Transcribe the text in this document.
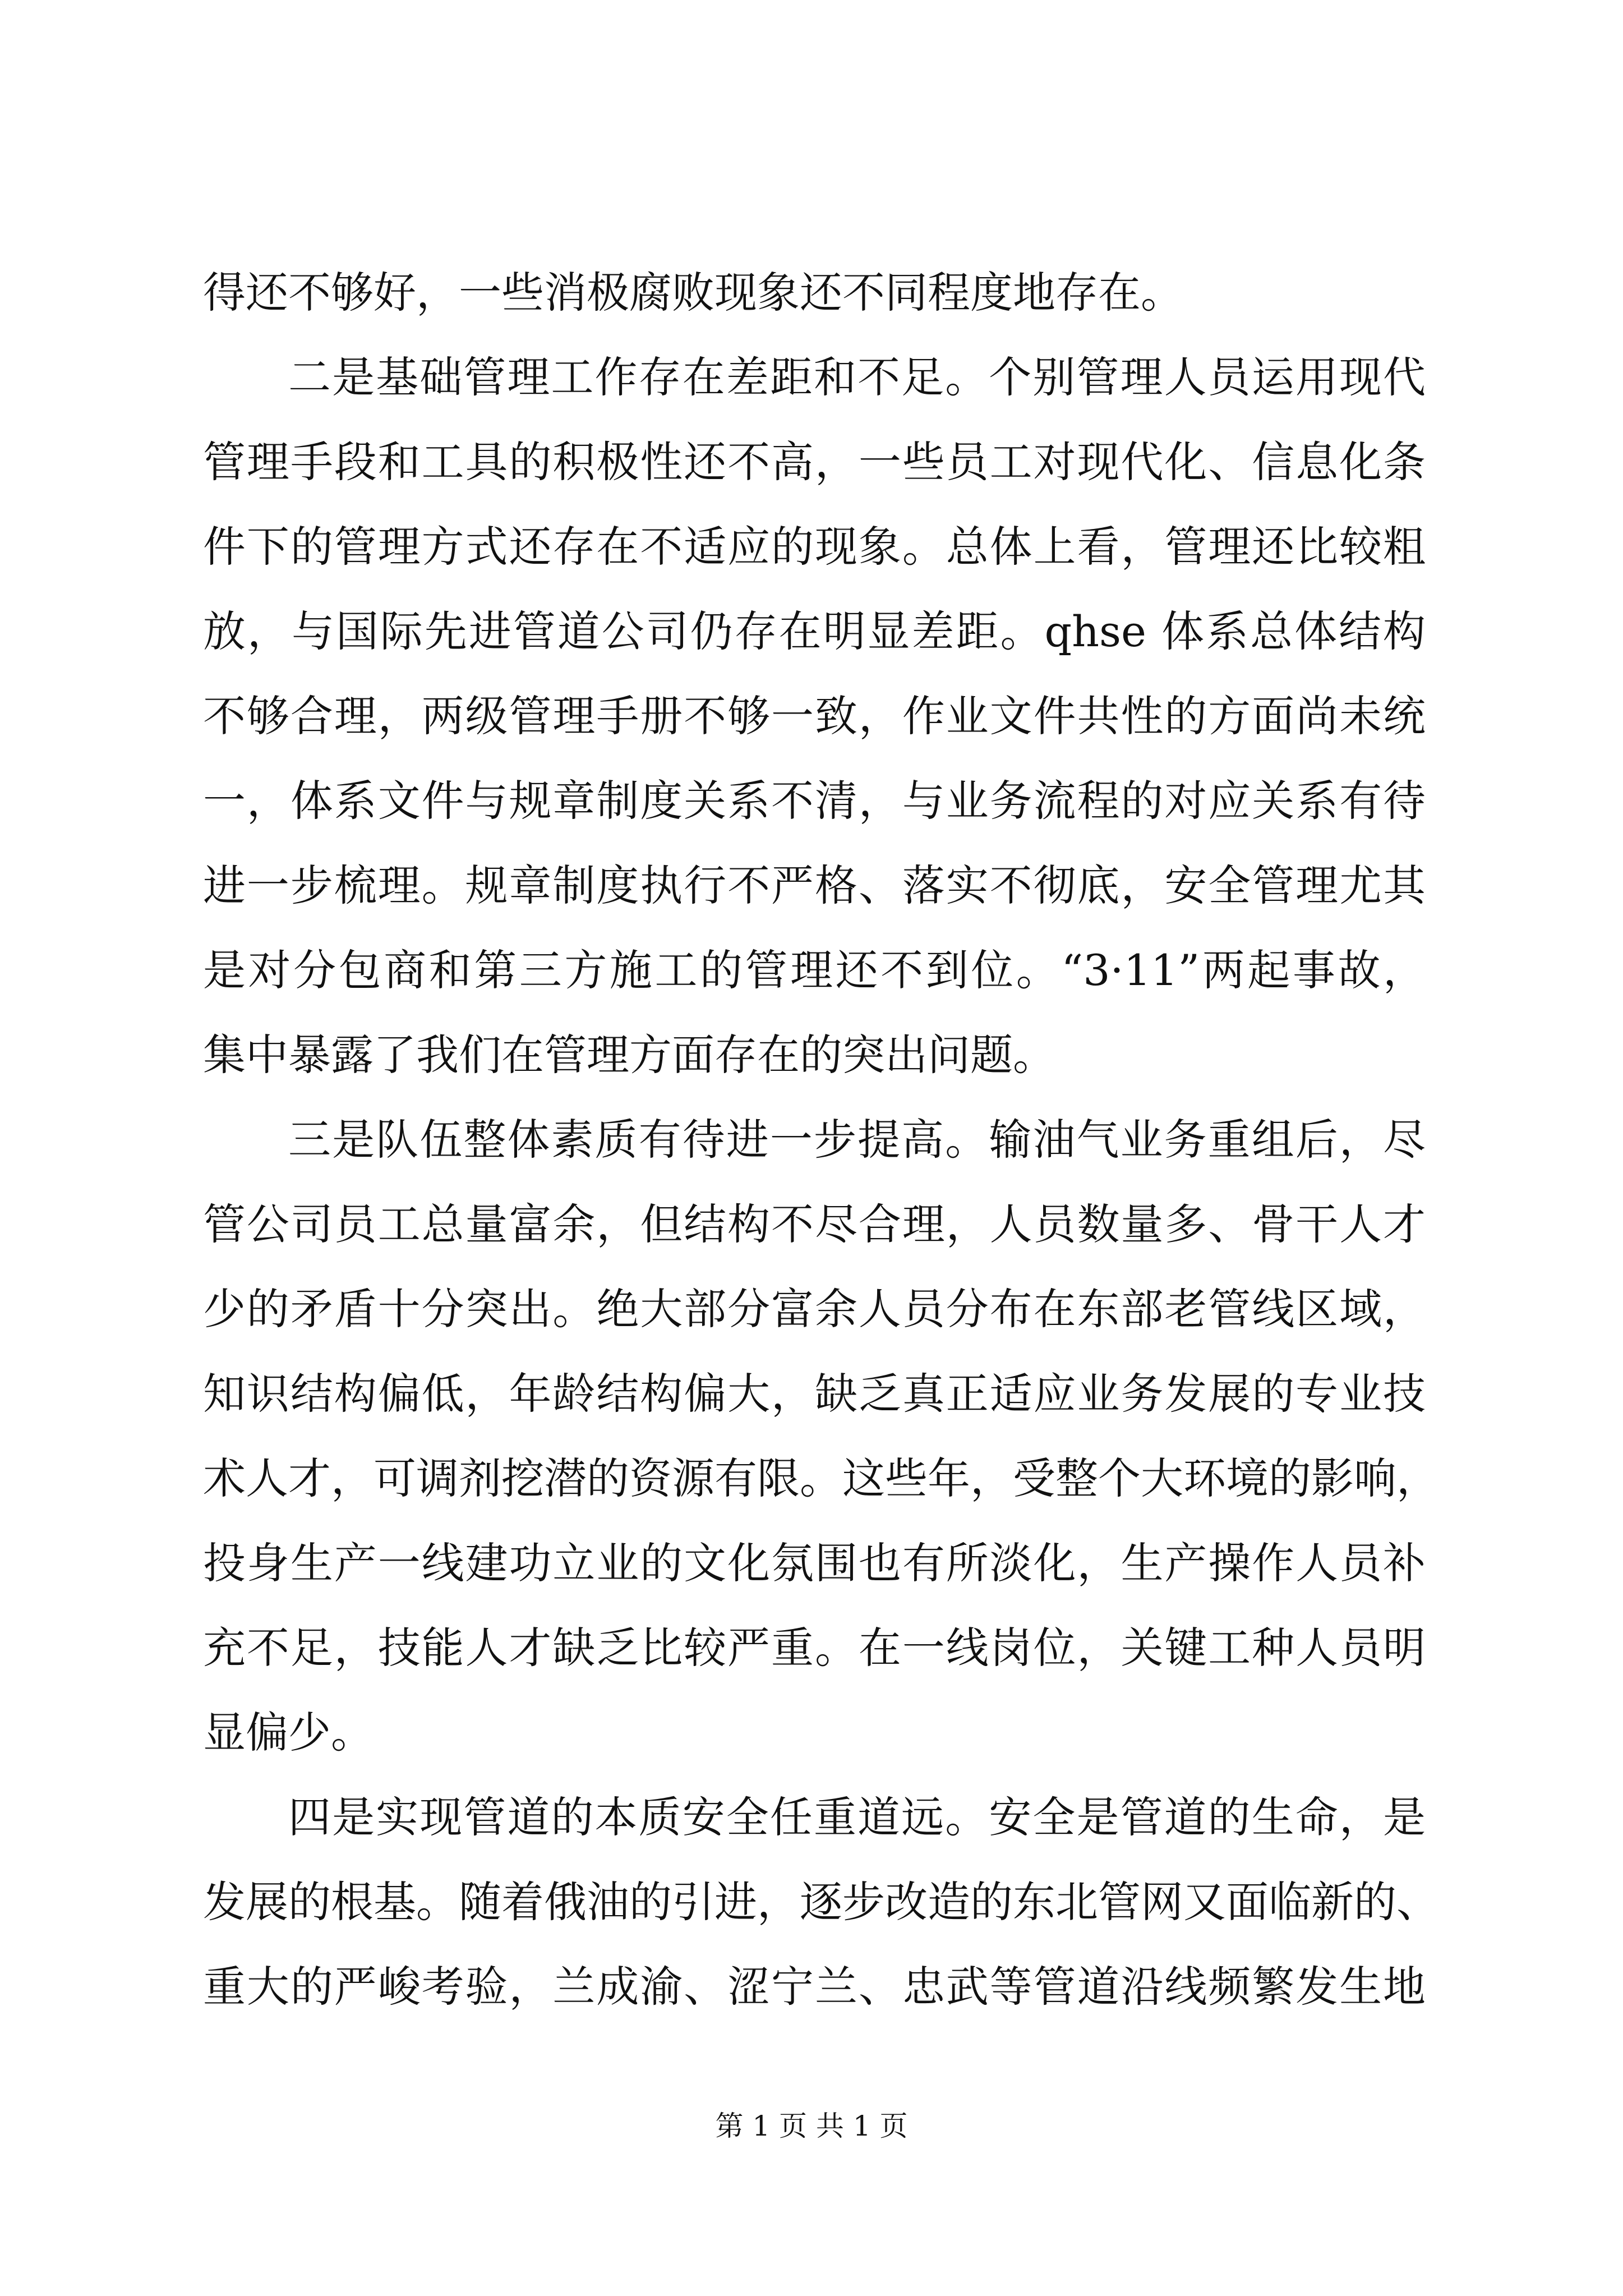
得还不够好，一些消极腐败现象还不同程度地存在。
二是基础管理工作存在差距和不足。个别管理人员运用现代
管理手段和工具的积极性还不高，一些员工对现代化、信息化条
件下的管理方式还存在不适应的现象。总体上看，管理还比较粗
放，与国际先进管道公司仍存在明显差距。qhse 体系总体结构
不够合理，两级管理手册不够一致，作业文件共性的方面尚未统
一，体系文件与规章制度关系不清，与业务流程的对应关系有待
进一步梳理。规章制度执行不严格、落实不彻底，安全管理尤其
是对分包商和第三方施工的管理还不到位。“3·11”两起事故，
集中暴露了我们在管理方面存在的突出问题。
三是队伍整体素质有待进一步提高。输油气业务重组后，尽
管公司员工总量富余，但结构不尽合理，人员数量多、骨干人才
少的矛盾十分突出。绝大部分富余人员分布在东部老管线区域，
知识结构偏低，年龄结构偏大，缺乏真正适应业务发展的专业技
术人才，可调剂挖潜的资源有限。这些年，受整个大环境的影响，
投身生产一线建功立业的文化氛围也有所淡化，生产操作人员补
充不足，技能人才缺乏比较严重。在一线岗位，关键工种人员明
显偏少。
四是实现管道的本质安全任重道远。安全是管道的生命，是
发展的根基。随着俄油的引进，逐步改造的东北管网又面临新的、
重大的严峻考验，兰成渝、涩宁兰、忠武等管道沿线频繁发生地
第 1 页 共 1 页
